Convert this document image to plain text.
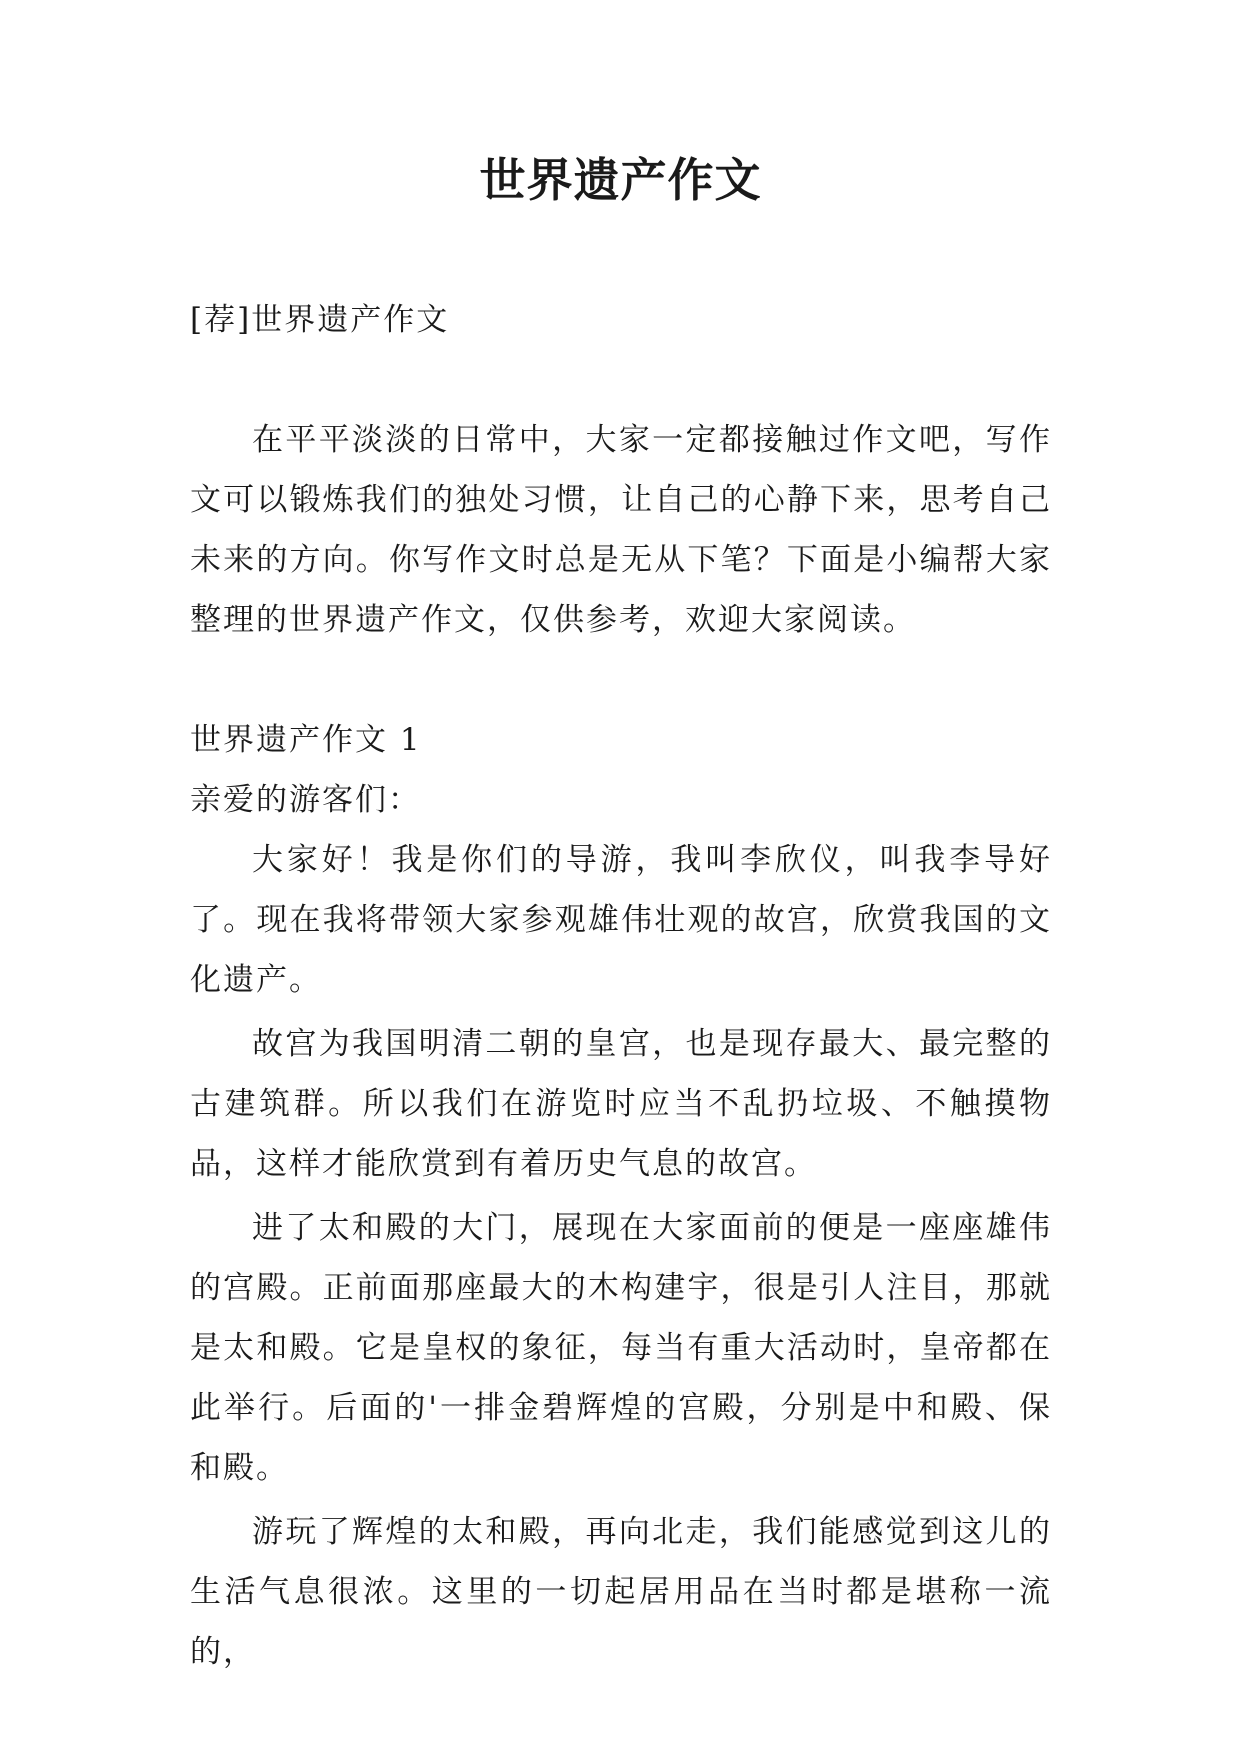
世界遗产作文

[荐]世界遗产作文

在平平淡淡的日常中，大家一定都接触过作文吧，写作文可以锻炼我们的独处习惯，让自己的心静下来，思考自己未来的方向。你写作文时总是无从下笔？下面是小编帮大家整理的世界遗产作文，仅供参考，欢迎大家阅读。

世界遗产作文 1

亲爱的游客们：

大家好！我是你们的导游，我叫李欣仪，叫我李导好了。现在我将带领大家参观雄伟壮观的故宫，欣赏我国的文化遗产。

故宫为我国明清二朝的皇宫，也是现存最大、最完整的古建筑群。所以我们在游览时应当不乱扔垃圾、不触摸物品，这样才能欣赏到有着历史气息的故宫。

进了太和殿的大门，展现在大家面前的便是一座座雄伟的宫殿。正前面那座最大的木构建宇，很是引人注目，那就是太和殿。它是皇权的象征，每当有重大活动时，皇帝都在此举行。后面的'一排金碧辉煌的宫殿，分别是中和殿、保和殿。

游玩了辉煌的太和殿，再向北走，我们能感觉到这儿的生活气息很浓。这里的一切起居用品在当时都是堪称一流的，
